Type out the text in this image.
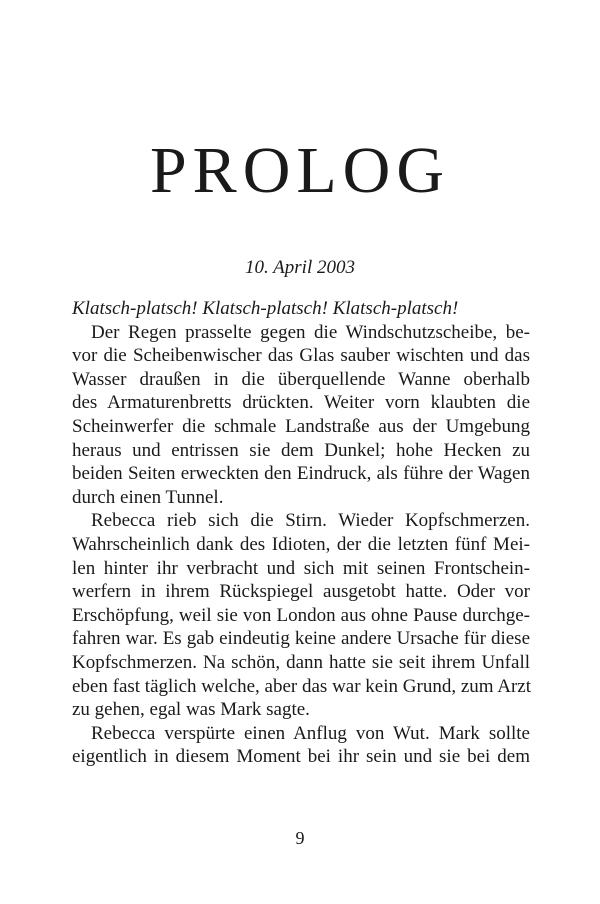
PROLOG
10. April 2003
Klatsch-platsch! Klatsch-platsch! Klatsch-platsch!
Der Regen prasselte gegen die Windschutzscheibe, be-
vor die Scheibenwischer das Glas sauber wischten und das
Wasser draußen in die überquellende Wanne oberhalb
des Armaturenbretts drückten. Weiter vorn klaubten die
Scheinwerfer die schmale Landstraße aus der Umgebung
heraus und entrissen sie dem Dunkel; hohe Hecken zu
beiden Seiten erweckten den Eindruck, als führe der Wagen
durch einen Tunnel.
Rebecca rieb sich die Stirn. Wieder Kopfschmerzen.
Wahrscheinlich dank des Idioten, der die letzten fünf Mei-
len hinter ihr verbracht und sich mit seinen Frontschein-
werfern in ihrem Rückspiegel ausgetobt hatte. Oder vor
Erschöpfung, weil sie von London aus ohne Pause durchge-
fahren war. Es gab eindeutig keine andere Ursache für diese
Kopfschmerzen. Na schön, dann hatte sie seit ihrem Unfall
eben fast täglich welche, aber das war kein Grund, zum Arzt
zu gehen, egal was Mark sagte.
Rebecca verspürte einen Anflug von Wut. Mark sollte
eigentlich in diesem Moment bei ihr sein und sie bei dem
9
